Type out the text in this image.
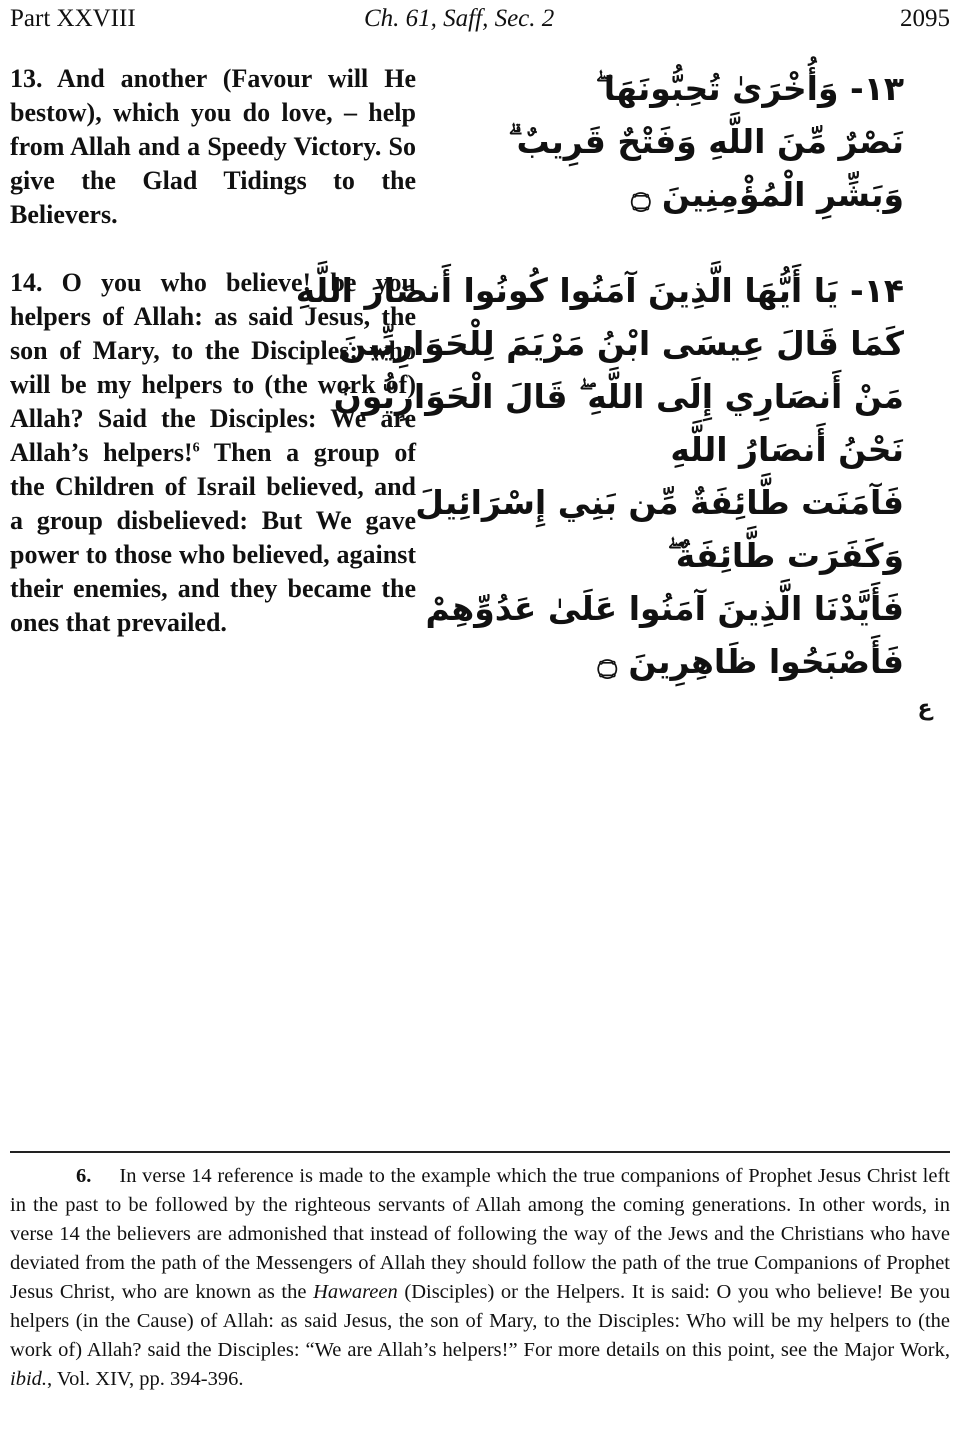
Part XXVIII	Ch. 61, Saff, Sec. 2	2095
13. And another (Favour will He bestow), which you do love, – help from Allah and a Speedy Victory. So give the Glad Tidings to the Believers.
۱۳- وَأُخْرَىٰ تُحِبُّونَهَا ۖ
نَصْرٌ مِّنَ اللَّهِ وَفَتْحٌ قَرِيبٌ ۗ
وَبَشِّرِ الْمُؤْمِنِينَ ۝
14. O you who believe! be you helpers of Allah: as said Jesus, the son of Mary, to the Disciples: who will be my helpers to (the work of) Allah? Said the Disciples: We are Allah’s helpers!$^6$ Then a group of the Children of Israil believed, and a group disbelieved: But We gave power to those who believed, against their enemies, and they became the ones that prevailed.
۱۴- يَا أَيُّهَا الَّذِينَ آمَنُوا كُونُوا أَنصَارَ اللَّهِ
كَمَا قَالَ عِيسَى ابْنُ مَرْيَمَ لِلْحَوَارِيِّينَ
مَنْ أَنصَارِي إِلَى اللَّهِ ۖ قَالَ الْحَوَارِيُّونَ
نَحْنُ أَنصَارُ اللَّهِ
فَآمَنَت طَّائِفَةٌ مِّن بَنِي إِسْرَائِيلَ
وَكَفَرَت طَّائِفَةٌ ۖ
فَأَيَّدْنَا الَّذِينَ آمَنُوا عَلَىٰ عَدُوِّهِمْ
فَأَصْبَحُوا ظَاهِرِينَ ۝
ع
6. In verse 14 reference is made to the example which the true companions of Prophet Jesus Christ left in the past to be followed by the righteous servants of Allah among the coming generations. In other words, in verse 14 the believers are admonished that instead of following the way of the Jews and the Christians who have deviated from the path of the Messengers of Allah they should follow the path of the true Companions of Prophet Jesus Christ, who are known as the Hawareen (Disciples) or the Helpers. It is said: O you who believe! Be you helpers (in the Cause) of Allah: as said Jesus, the son of Mary, to the Disciples: Who will be my helpers to (the work of) Allah? said the Disciples: “We are Allah’s helpers!” For more details on this point, see the Major Work, ibid., Vol. XIV, pp. 394-396.
